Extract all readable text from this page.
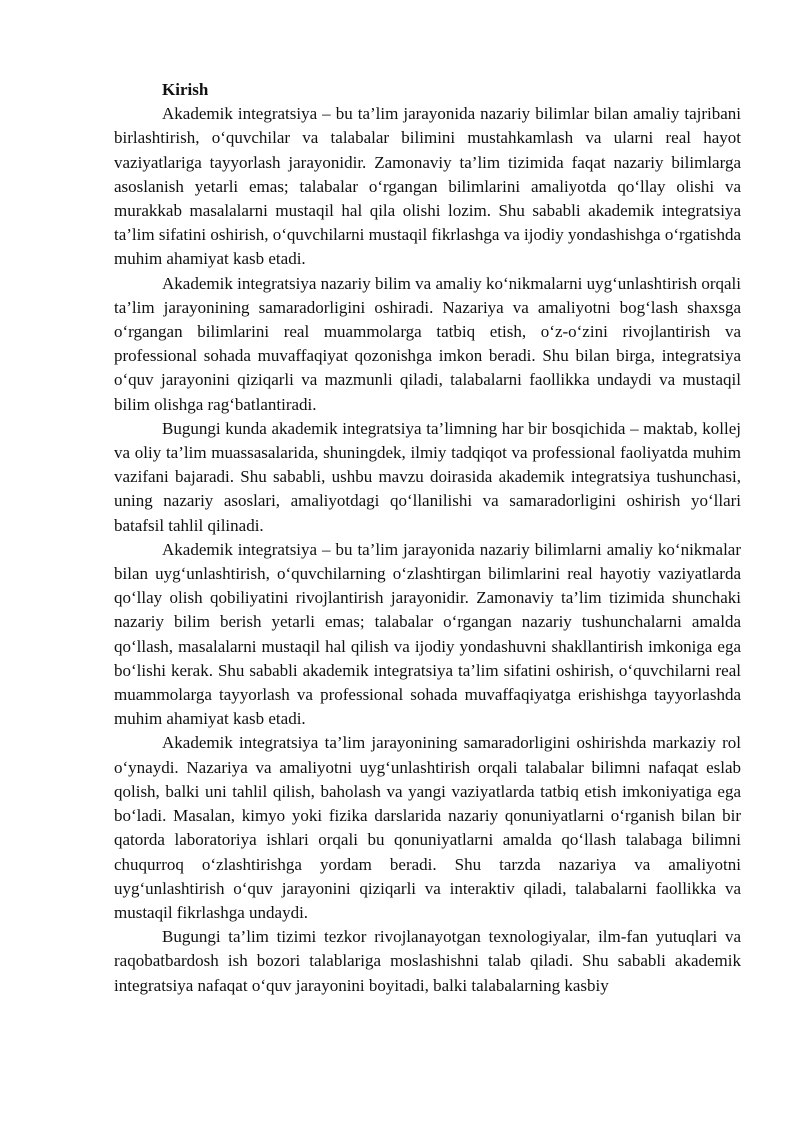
Kirish

Akademik integratsiya – bu ta’lim jarayonida nazariy bilimlar bilan amaliy tajribani birlashtirish, o‘quvchilar va talabalar bilimini mustahkamlash va ularni real hayot vaziyatlariga tayyorlash jarayonidir. Zamonaviy ta’lim tizimida faqat nazariy bilimlarga asoslanish yetarli emas; talabalar o‘rgangan bilimlarini amaliyotda qo‘llay olishi va murakkab masalalarni mustaqil hal qila olishi lozim. Shu sababli akademik integratsiya ta’lim sifatini oshirish, o‘quvchilarni mustaqil fikrlashga va ijodiy yondashishga o‘rgatishda muhim ahamiyat kasb etadi.

Akademik integratsiya nazariy bilim va amaliy ko‘nikmalarni uyg‘unlashtirish orqali ta’lim jarayonining samaradorligini oshiradi. Nazariya va amaliyotni bog‘lash shaxsga o‘rgangan bilimlarini real muammolarga tatbiq etish, o‘z-o‘zini rivojlantirish va professional sohada muvaffaqiyat qozonishga imkon beradi. Shu bilan birga, integratsiya o‘quv jarayonini qiziqarli va mazmunli qiladi, talabalarni faollikka undaydi va mustaqil bilim olishga rag‘batlantiradi.

Bugungi kunda akademik integratsiya ta’limning har bir bosqichida – maktab, kollej va oliy ta’lim muassasalarida, shuningdek, ilmiy tadqiqot va professional faoliyatda muhim vazifani bajaradi. Shu sababli, ushbu mavzu doirasida akademik integratsiya tushunchasi, uning nazariy asoslari, amaliyotdagi qo‘llanilishi va samaradorligini oshirish yo‘llari batafsil tahlil qilinadi.

Akademik integratsiya – bu ta’lim jarayonida nazariy bilimlarni amaliy ko‘nikmalar bilan uyg‘unlashtirish, o‘quvchilarning o‘zlashtirgan bilimlarini real hayotiy vaziyatlarda qo‘llay olish qobiliyatini rivojlantirish jarayonidir. Zamonaviy ta’lim tizimida shunchaki nazariy bilim berish yetarli emas; talabalar o‘rgangan nazariy tushunchalarni amalda qo‘llash, masalalarni mustaqil hal qilish va ijodiy yondashuvni shakllantirish imkoniga ega bo‘lishi kerak. Shu sababli akademik integratsiya ta’lim sifatini oshirish, o‘quvchilarni real muammolarga tayyorlash va professional sohada muvaffaqiyatga erishishga tayyorlashda muhim ahamiyat kasb etadi.

Akademik integratsiya ta’lim jarayonining samaradorligini oshirishda markaziy rol o‘ynaydi. Nazariya va amaliyotni uyg‘unlashtirish orqali talabalar bilimni nafaqat eslab qolish, balki uni tahlil qilish, baholash va yangi vaziyatlarda tatbiq etish imkoniyatiga ega bo‘ladi. Masalan, kimyo yoki fizika darslarida nazariy qonuniyatlarni o‘rganish bilan bir qatorda laboratoriya ishlari orqali bu qonuniyatlarni amalda qo‘llash talabaga bilimni chuqurroq o‘zlashtirishga yordam beradi. Shu tarzda nazariya va amaliyotni uyg‘unlashtirish o‘quv jarayonini qiziqarli va interaktiv qiladi, talabalarni faollikka va mustaqil fikrlashga undaydi.

Bugungi ta’lim tizimi tezkor rivojlanayotgan texnologiyalar, ilm-fan yutuqlari va raqobatbardosh ish bozori talablariga moslashishni talab qiladi. Shu sababli akademik integratsiya nafaqat o‘quv jarayonini boyitadi, balki talabalarning kasbiy
